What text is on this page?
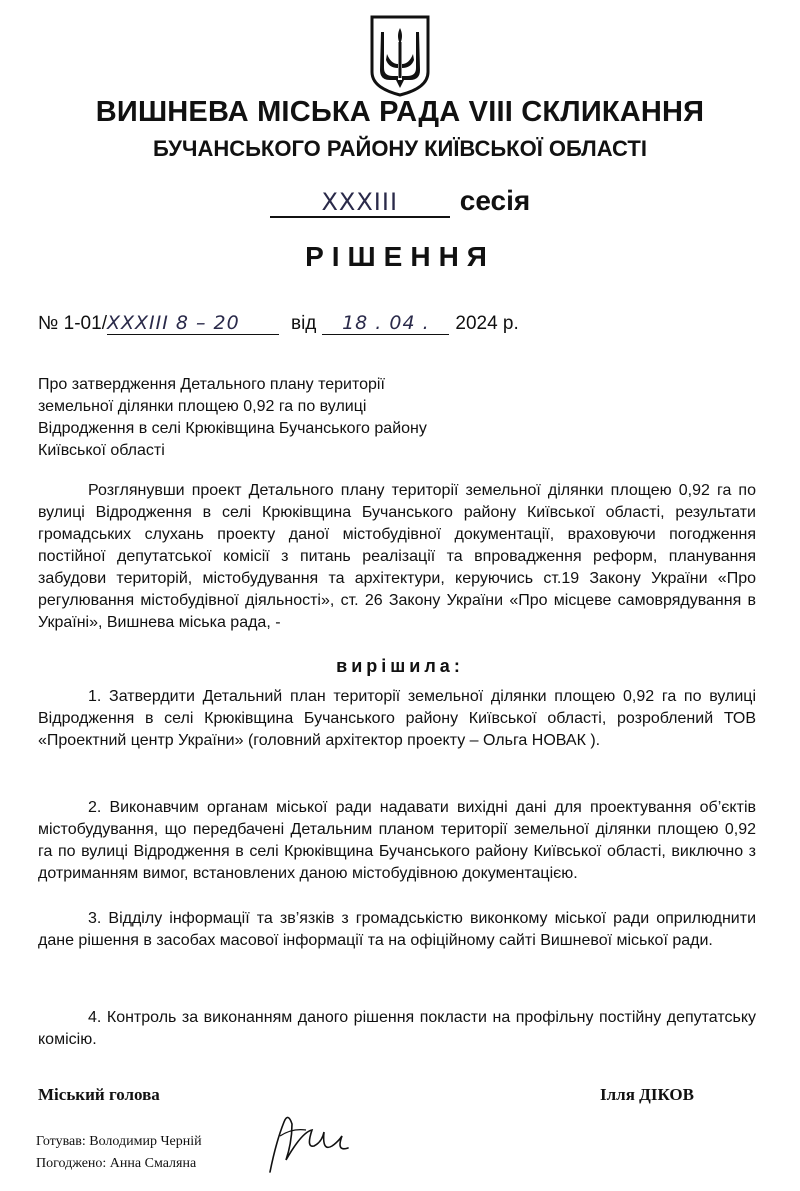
ВИШНЕВА МІСЬКА РАДА VIII СКЛИКАННЯ
БУЧАНСЬКОГО РАЙОНУ КИЇВСЬКОЇ ОБЛАСТІ
XXXIII сесія
РІШЕННЯ
№ 1-01/XXXIII 8 – 20	від 18 . 04 . 2024 р.
Про затвердження Детального плану території
земельної ділянки площею 0,92 га по вулиці
Відродження в селі Крюківщина Бучанського району
Київської області

Розглянувши проект Детального плану території земельної ділянки площею 0,92 га по вулиці Відродження в селі Крюківщина Бучанського району Київської області, результати громадських слухань проекту даної містобудівної документації, враховуючи погодження постійної депутатської комісії з питань реалізації та впровадження реформ, планування забудови територій, містобудування та архітектури, керуючись ст.19 Закону України «Про регулювання містобудівної діяльності», ст. 26 Закону України «Про місцеве самоврядування в Україні», Вишнева міська рада, -

вирішила:

1. Затвердити Детальний план території земельної ділянки площею 0,92 га по вулиці Відродження в селі Крюківщина Бучанського району Київської області, розроблений ТОВ «Проектний центр України» (головний архітектор проекту – Ольга НОВАК ).

2. Виконавчим органам міської ради надавати вихідні дані для проектування об’єктів містобудування, що передбачені Детальним планом території земельної ділянки площею 0,92 га по вулиці Відродження в селі Крюківщина Бучанського району Київської області, виключно з дотриманням вимог, встановлених даною містобудівною документацією.

3. Відділу інформації та зв’язків з громадськістю виконкому міської ради оприлюднити дане рішення в засобах масової інформації та на офіційному сайті Вишневої міської ради.

4. Контроль за виконанням даного рішення покласти на профільну постійну депутатську комісію.

Міський голова	Ілля ДІКОВ
Готував: Володимир Черній
Погоджено: Анна Смаляна
